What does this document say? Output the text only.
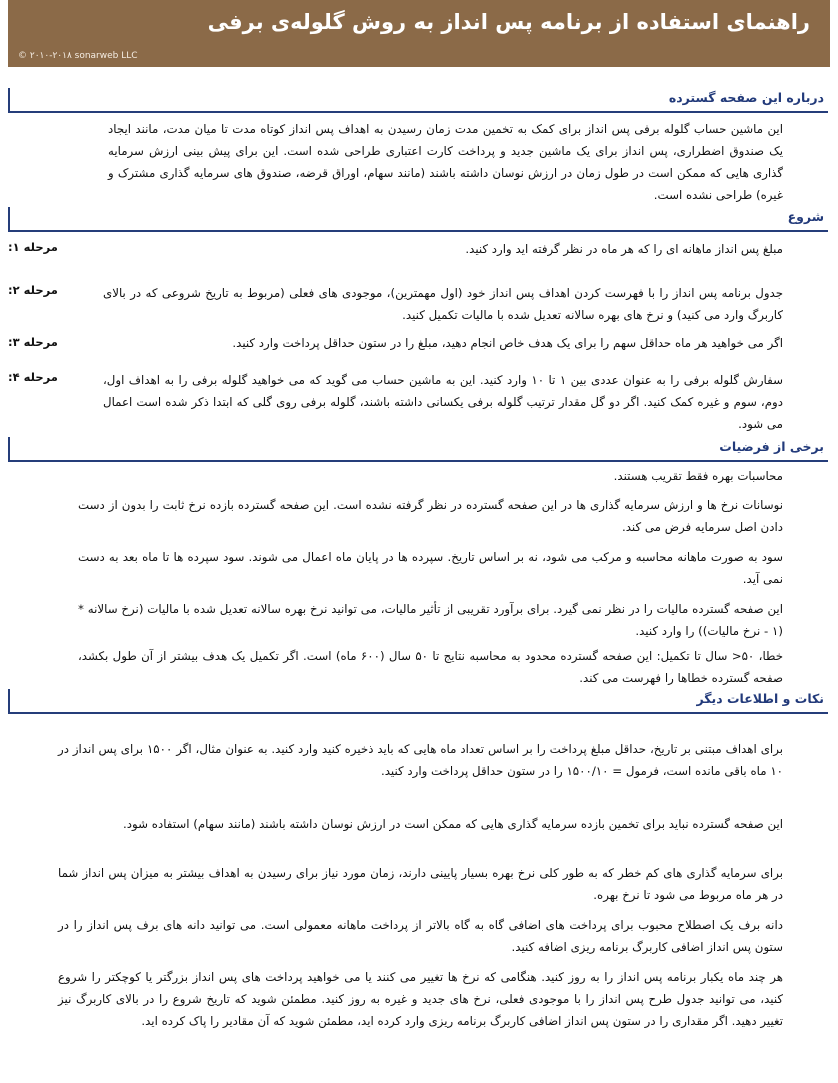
راهنمای استفاده از برنامه پس انداز به روش گلوله‌ی برفی
© ۲۰۱۰-۲۰۱۸ sonarweb LLC
درباره این صفحه گسترده
این ماشین حساب گلوله برفی پس انداز برای کمک به تخمین مدت زمان رسیدن به اهداف پس انداز کوتاه مدت تا میان مدت، مانند ایجاد یک صندوق اضطراری، پس انداز برای یک ماشین جدید و پرداخت کارت اعتباری طراحی شده است. این برای پیش بینی ارزش سرمایه گذاری هایی که ممکن است در طول زمان در ارزش نوسان داشته باشند (مانند سهام، اوراق قرضه، صندوق های سرمایه گذاری مشترک و غیره) طراحی نشده است.
شروع
مرحله ۱:	مبلغ پس انداز ماهانه ای را که هر ماه در نظر گرفته اید وارد کنید.
مرحله ۲:	جدول برنامه پس انداز را با فهرست کردن اهداف پس انداز خود (اول مهمترین)، موجودی های فعلی (مربوط به تاریخ شروعی که در بالای کاربرگ وارد می کنید) و نرخ های بهره سالانه تعدیل شده با مالیات تکمیل کنید.
مرحله ۳:	اگر می خواهید هر ماه حداقل سهم را برای یک هدف خاص انجام دهید، مبلغ را در ستون حداقل پرداخت وارد کنید.
مرحله ۴:	سفارش گلوله برفی را به عنوان عددی بین ۱ تا ۱۰ وارد کنید. این به ماشین حساب می گوید که می خواهید گلوله برفی را به اهداف اول، دوم، سوم و غیره کمک کنید. اگر دو گل مقدار ترتیب گلوله برفی یکسانی داشته باشند، گلوله برفی روی گلی که ابتدا ذکر شده است اعمال می شود.
برخی از فرضیات
محاسبات بهره فقط تقریب هستند.
نوسانات نرخ ها و ارزش سرمایه گذاری ها در این صفحه گسترده در نظر گرفته نشده است. این صفحه گسترده بازده نرخ ثابت را بدون از دست دادن اصل سرمایه فرض می کند.
سود به صورت ماهانه محاسبه و مرکب می شود، نه بر اساس تاریخ. سپرده ها در پایان ماه اعمال می شوند. سود سپرده ها تا ماه بعد به دست نمی آید.
این صفحه گسترده مالیات را در نظر نمی گیرد. برای برآورد تقریبی از تأثیر مالیات، می توانید نرخ بهره سالانه تعدیل شده با مالیات (نرخ سالانه * (۱ - نرخ مالیات)) را وارد کنید.
خطا، ۵۰< سال تا تکمیل: این صفحه گسترده محدود به محاسبه نتایج تا ۵۰ سال (۶۰۰ ماه) است. اگر تکمیل یک هدف بیشتر از آن طول بکشد، صفحه گسترده خطاها را فهرست می کند.
نکات و اطلاعات دیگر
برای اهداف مبتنی بر تاریخ، حداقل مبلغ پرداخت را بر اساس تعداد ماه هایی که باید ذخیره کنید وارد کنید. به عنوان مثال، اگر ۱۵۰۰ برای پس انداز در ۱۰ ماه باقی مانده است، فرمول = ۱۵۰۰/۱۰ را در ستون حداقل پرداخت وارد کنید.
این صفحه گسترده نباید برای تخمین بازده سرمایه گذاری هایی که ممکن است در ارزش نوسان داشته باشند (مانند سهام) استفاده شود.
برای سرمایه گذاری های کم خطر که به طور کلی نرخ بهره بسیار پایینی دارند، زمان مورد نیاز برای رسیدن به اهداف بیشتر به میزان پس انداز شما در هر ماه مربوط می شود تا نرخ بهره.
دانه برف یک اصطلاح محبوب برای پرداخت های اضافی گاه به گاه بالاتر از پرداخت ماهانه معمولی است. می توانید دانه های برف پس انداز را در ستون پس انداز اضافی کاربرگ برنامه ریزی اضافه کنید.
هر چند ماه یکبار برنامه پس انداز را به روز کنید. هنگامی که نرخ ها تغییر می کنند یا می خواهید پرداخت های پس انداز بزرگتر یا کوچکتر را شروع کنید، می توانید جدول طرح پس انداز را با موجودی فعلی، نرخ های جدید و غیره به روز کنید. مطمئن شوید که تاریخ شروع را در بالای کاربرگ نیز تغییر دهید. اگر مقداری را در ستون پس انداز اضافی کاربرگ برنامه ریزی وارد کرده اید، مطمئن شوید که آن مقادیر را پاک کرده اید.
